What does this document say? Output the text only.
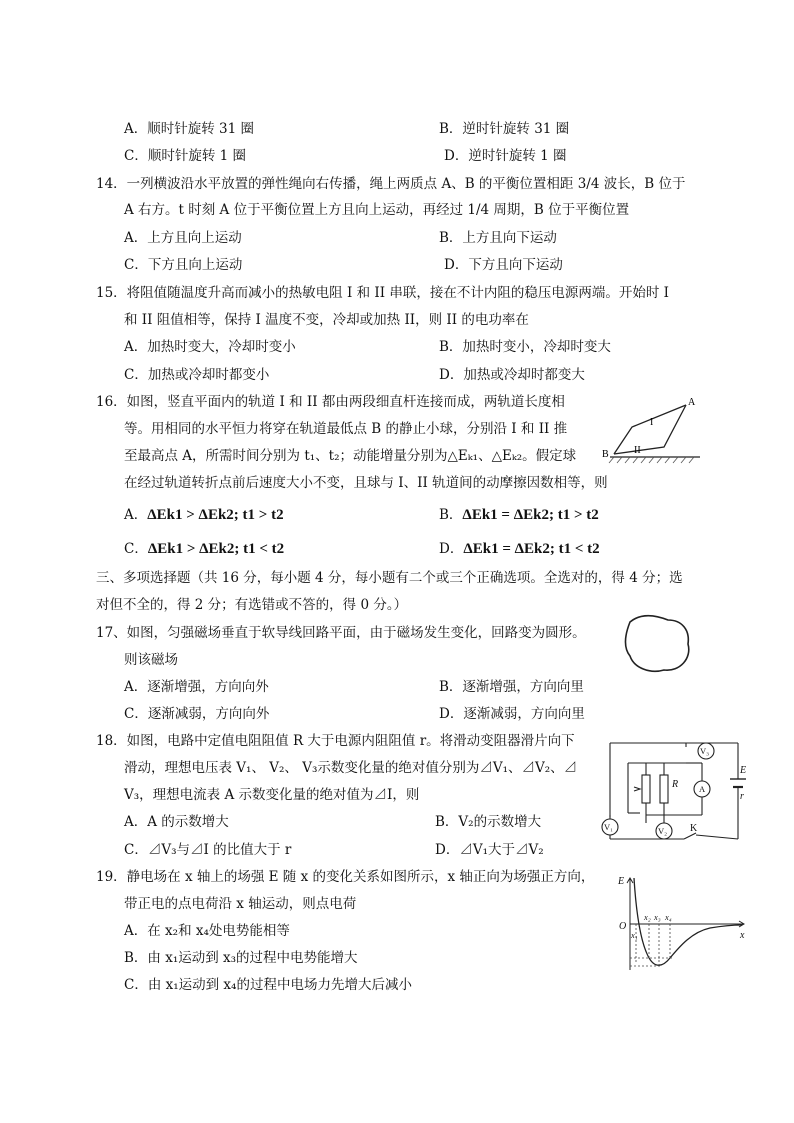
A．顺时针旋转 31 圈	B．逆时针旋转 31 圈
C．顺时针旋转 1 圈	D．逆时针旋转 1 圈
14．一列横波沿水平放置的弹性绳向右传播，绳上两质点 A、B 的平衡位置相距 3/4 波长，B 位于
A 右方。t 时刻 A 位于平衡位置上方且向上运动，再经过 1/4 周期，B 位于平衡位置
A．上方且向上运动	B．上方且向下运动
C．下方且向上运动	D．下方且向下运动
15．将阻值随温度升高而减小的热敏电阻 I 和 II 串联，接在不计内阻的稳压电源两端。开始时 I
和 II 阻值相等，保持 I 温度不变，冷却或加热 II，则 II 的电功率在
A．加热时变大，冷却时变小	B．加热时变小，冷却时变大
C．加热或冷却时都变小	D．加热或冷却时都变大
16．如图，竖直平面内的轨道 I 和 II 都由两段细直杆连接而成，两轨道长度相
等。用相同的水平恒力将穿在轨道最低点 B 的静止小球，分别沿 I 和 II 推
至最高点 A，所需时间分别为 t₁、t₂；动能增量分别为△Eₖ₁、△Eₖ₂。假定球
在经过轨道转折点前后速度大小不变，且球与 I、II 轨道间的动摩擦因数相等，则
A．ΔEk1 > ΔEk2; t1 > t2	B．ΔEk1 = ΔEk2; t1 > t2
C．ΔEk1 > ΔEk2; t1 < t2	D．ΔEk1 = ΔEk2; t1 < t2
A
B
I
II
三、多项选择题（共 16 分，每小题 4 分，每小题有二个或三个正确选项。全选对的，得 4 分；选
对但不全的，得 2 分；有选错或不答的，得 0 分。）
17、如图，匀强磁场垂直于软导线回路平面，由于磁场发生变化，回路变为圆形。
则该磁场
A．逐渐增强，方向向外	B．逐渐增强，方向向里
C．逐渐减弱，方向向外	D．逐渐减弱，方向向里
18．如图，电路中定值电阻阻值 R 大于电源内阻阻值 r。将滑动变阻器滑片向下
滑动，理想电压表 V₁、 V₂、 V₃示数变化量的绝对值分别为⊿V₁、⊿V₂、⊿
V₃，理想电流表 A 示数变化量的绝对值为⊿I，则
A．A 的示数增大	B．V₂的示数增大
C．⊿V₃与⊿I 的比值大于 r	D．⊿V₁大于⊿V₂
V₁
A
V₃
V₂
R
E
r
K
19．静电场在 x 轴上的场强 E 随 x 的变化关系如图所示，x 轴正向为场强正方向，
带正电的点电荷沿 x 轴运动，则点电荷
A．在 x₂和 x₄处电势能相等
B．由 x₁运动到 x₃的过程中电势能增大
C．由 x₁运动到 x₄的过程中电场力先增大后减小
E
O
x
x₁
x₂ x₃ x₄
